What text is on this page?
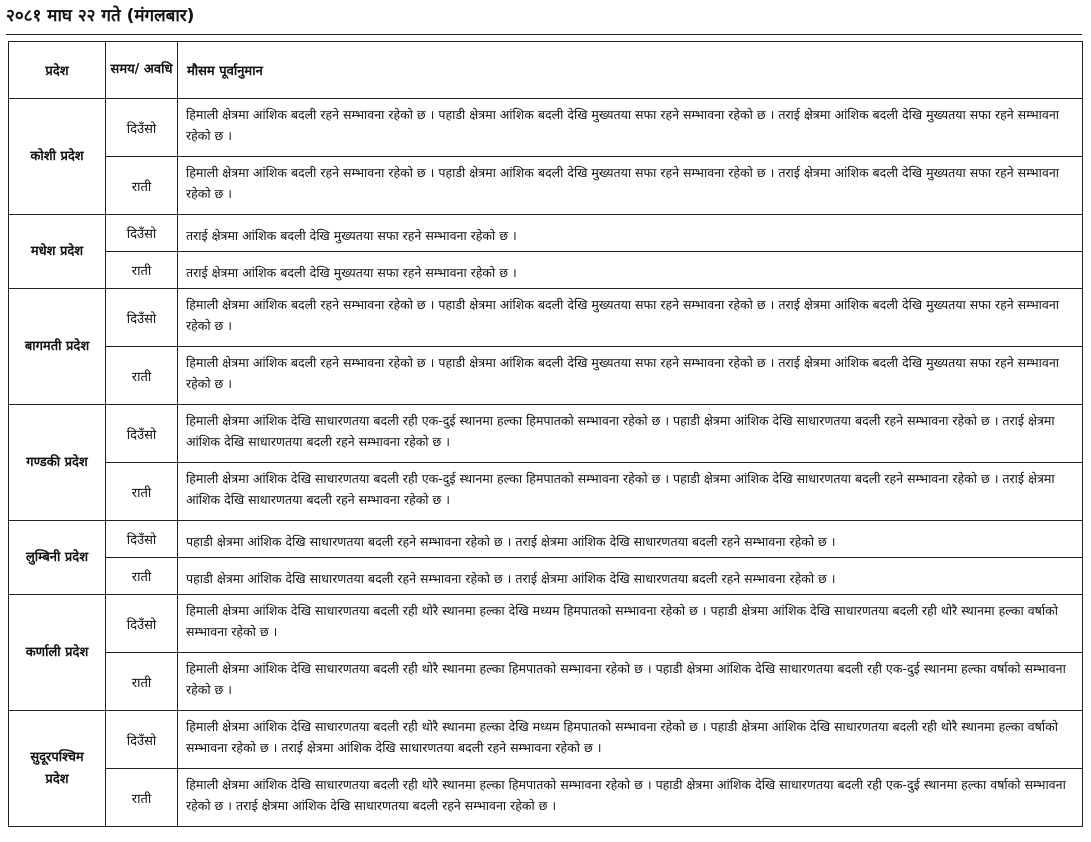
२०८१ माघ २२ गते (मंगलबार)
प्रदेश	समय/ अवधि	मौसम पूर्वानुमान
कोशी प्रदेश	दिउँसो	हिमाली क्षेत्रमा आंशिक बदली रहने सम्भावना रहेको छ । पहाडी क्षेत्रमा आंशिक बदली देखि मुख्यतया सफा रहने सम्भावना रहेको छ । तराई क्षेत्रमा आंशिक बदली देखि मुख्यतया सफा रहने सम्भावना रहेको छ ।
	राती	हिमाली क्षेत्रमा आंशिक बदली रहने सम्भावना रहेको छ । पहाडी क्षेत्रमा आंशिक बदली देखि मुख्यतया सफा रहने सम्भावना रहेको छ । तराई क्षेत्रमा आंशिक बदली देखि मुख्यतया सफा रहने सम्भावना रहेको छ ।
मधेश प्रदेश	दिउँसो	तराई क्षेत्रमा आंशिक बदली देखि मुख्यतया सफा रहने सम्भावना रहेको छ ।
	राती	तराई क्षेत्रमा आंशिक बदली देखि मुख्यतया सफा रहने सम्भावना रहेको छ ।
बागमती प्रदेश	दिउँसो	हिमाली क्षेत्रमा आंशिक बदली रहने सम्भावना रहेको छ । पहाडी क्षेत्रमा आंशिक बदली देखि मुख्यतया सफा रहने सम्भावना रहेको छ । तराई क्षेत्रमा आंशिक बदली देखि मुख्यतया सफा रहने सम्भावना रहेको छ ।
	राती	हिमाली क्षेत्रमा आंशिक बदली रहने सम्भावना रहेको छ । पहाडी क्षेत्रमा आंशिक बदली देखि मुख्यतया सफा रहने सम्भावना रहेको छ । तराई क्षेत्रमा आंशिक बदली देखि मुख्यतया सफा रहने सम्भावना रहेको छ ।
गण्डकी प्रदेश	दिउँसो	हिमाली क्षेत्रमा आंशिक देखि साधारणतया बदली रही एक-दुई स्थानमा हल्का हिमपातको सम्भावना रहेको छ । पहाडी क्षेत्रमा आंशिक देखि साधारणतया बदली रहने सम्भावना रहेको छ । तराई क्षेत्रमा आंशिक देखि साधारणतया बदली रहने सम्भावना रहेको छ ।
	राती	हिमाली क्षेत्रमा आंशिक देखि साधारणतया बदली रही एक-दुई स्थानमा हल्का हिमपातको सम्भावना रहेको छ । पहाडी क्षेत्रमा आंशिक देखि साधारणतया बदली रहने सम्भावना रहेको छ । तराई क्षेत्रमा आंशिक देखि साधारणतया बदली रहने सम्भावना रहेको छ ।
लुम्बिनी प्रदेश	दिउँसो	पहाडी क्षेत्रमा आंशिक देखि साधारणतया बदली रहने सम्भावना रहेको छ । तराई क्षेत्रमा आंशिक देखि साधारणतया बदली रहने सम्भावना रहेको छ ।
	राती	पहाडी क्षेत्रमा आंशिक देखि साधारणतया बदली रहने सम्भावना रहेको छ । तराई क्षेत्रमा आंशिक देखि साधारणतया बदली रहने सम्भावना रहेको छ ।
कर्णाली प्रदेश	दिउँसो	हिमाली क्षेत्रमा आंशिक देखि साधारणतया बदली रही थोरै स्थानमा हल्का देखि मध्यम हिमपातको सम्भावना रहेको छ । पहाडी क्षेत्रमा आंशिक देखि साधारणतया बदली रही थोरै स्थानमा हल्का वर्षाको सम्भावना रहेको छ ।
	राती	हिमाली क्षेत्रमा आंशिक देखि साधारणतया बदली रही थोरै स्थानमा हल्का हिमपातको सम्भावना रहेको छ । पहाडी क्षेत्रमा आंशिक देखि साधारणतया बदली रही एक-दुई स्थानमा हल्का वर्षाको सम्भावना रहेको छ ।
सुदूरपश्चिम प्रदेश	दिउँसो	हिमाली क्षेत्रमा आंशिक देखि साधारणतया बदली रही थोरै स्थानमा हल्का देखि मध्यम हिमपातको सम्भावना रहेको छ । पहाडी क्षेत्रमा आंशिक देखि साधारणतया बदली रही थोरै स्थानमा हल्का वर्षाको सम्भावना रहेको छ । तराई क्षेत्रमा आंशिक देखि साधारणतया बदली रहने सम्भावना रहेको छ ।
	राती	हिमाली क्षेत्रमा आंशिक देखि साधारणतया बदली रही थोरै स्थानमा हल्का हिमपातको सम्भावना रहेको छ । पहाडी क्षेत्रमा आंशिक देखि साधारणतया बदली रही एक-दुई स्थानमा हल्का वर्षाको सम्भावना रहेको छ । तराई क्षेत्रमा आंशिक देखि साधारणतया बदली रहने सम्भावना रहेको छ ।
